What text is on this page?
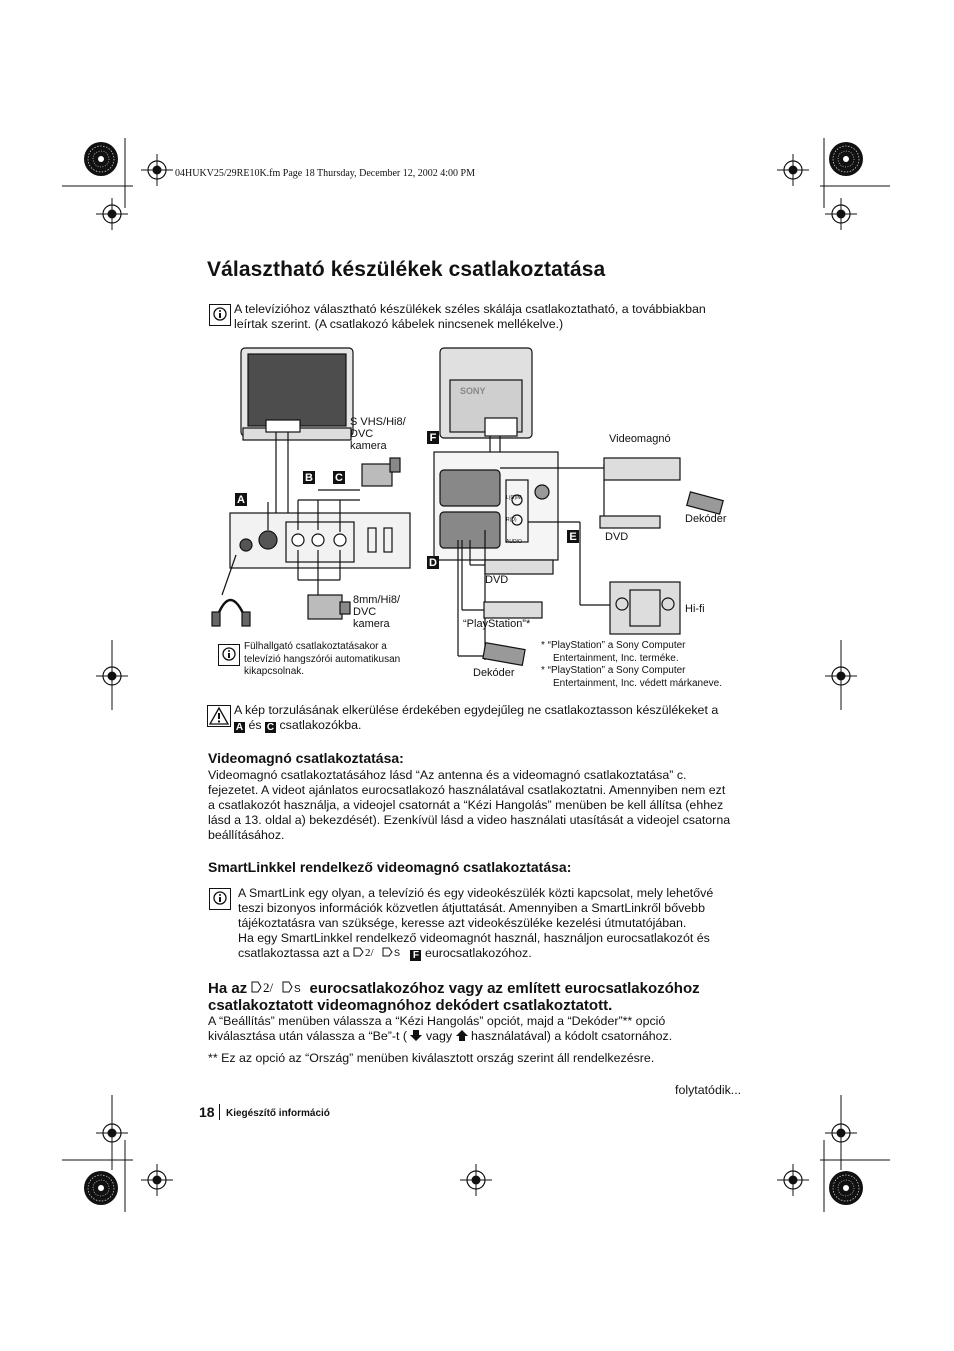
04HUKV25/29RE10K.fm Page 18 Thursday, December 12, 2002 4:00 PM
Választható készülékek csatlakoztatása
A televízióhoz választható készülékek széles skálája csatlakoztatható, a továbbiakban
leírtak szerint. (A csatlakozó kábelek nincsenek mellékelve.)
A
B C
D
E
F
SONY
L(G)/M
R(D)
AUDIO
S VHS/Hi8/
DVC
kamera
8mm/Hi8/
DVC
kamera
Videomagnó
Dekóder
DVD
DVD
“PlayStation”*
Hi-fi
Dekóder
Fülhallgató csatlakoztatásakor a
televízió hangszórói automatikusan
kikapcsolnak.
* “PlayStation” a Sony Computer
Entertainment, Inc. terméke.
* “PlayStation” a Sony Computer
Entertainment, Inc. védett márkaneve.
A kép torzulásának elkerülése érdekében egydejűleg ne csatlakoztasson készülékeket a
A és C csatlakozókba.
Videomagnó csatlakoztatása:
Videomagnó csatlakoztatásához lásd “Az antenna és a videomagnó csatlakoztatása” c.
fejezetet. A videot ajánlatos eurocsatlakozó használatával csatlakoztatni. Amennyiben nem ezt
a csatlakozót használja, a videojel csatornát a “Kézi Hangolás” menüben be kell állítsa (ehhez
lásd a 13. oldal a) bekezdését). Ezenkívül lásd a video használati utasítását a videojel csatorna
beállításához.
SmartLinkkel rendelkező videomagnó csatlakoztatása:
A SmartLink egy olyan, a televízió és egy videokészülék közti kapcsolat, mely lehetővé
teszi bizonyos információk közvetlen átjuttatását. Amennyiben a SmartLinkről bővebb
tájékoztatásra van szüksége, keresse azt videokészüléke kezelési útmutatójában.
Ha egy SmartLinkkel rendelkező videomagnót használ, használjon eurocsatlakozót és
csatlakoztassa azt a 2/ S F eurocsatlakozóhoz.
Ha az 2/ S eurocsatlakozóhoz vagy az említett eurocsatlakozóhoz
csatlakoztatott videomagnóhoz dekódert csatlakoztatott.
A “Beállítás” menüben válassza a “Kézi Hangolás” opciót, majd a “Dekóder”** opció
kiválasztása után válassza a “Be”-t ( vagy használatával) a kódolt csatornához.
** Ez az opció az “Ország” menüben kiválasztott ország szerint áll rendelkezésre.
folytatódik...
18 Kiegészítő információ
